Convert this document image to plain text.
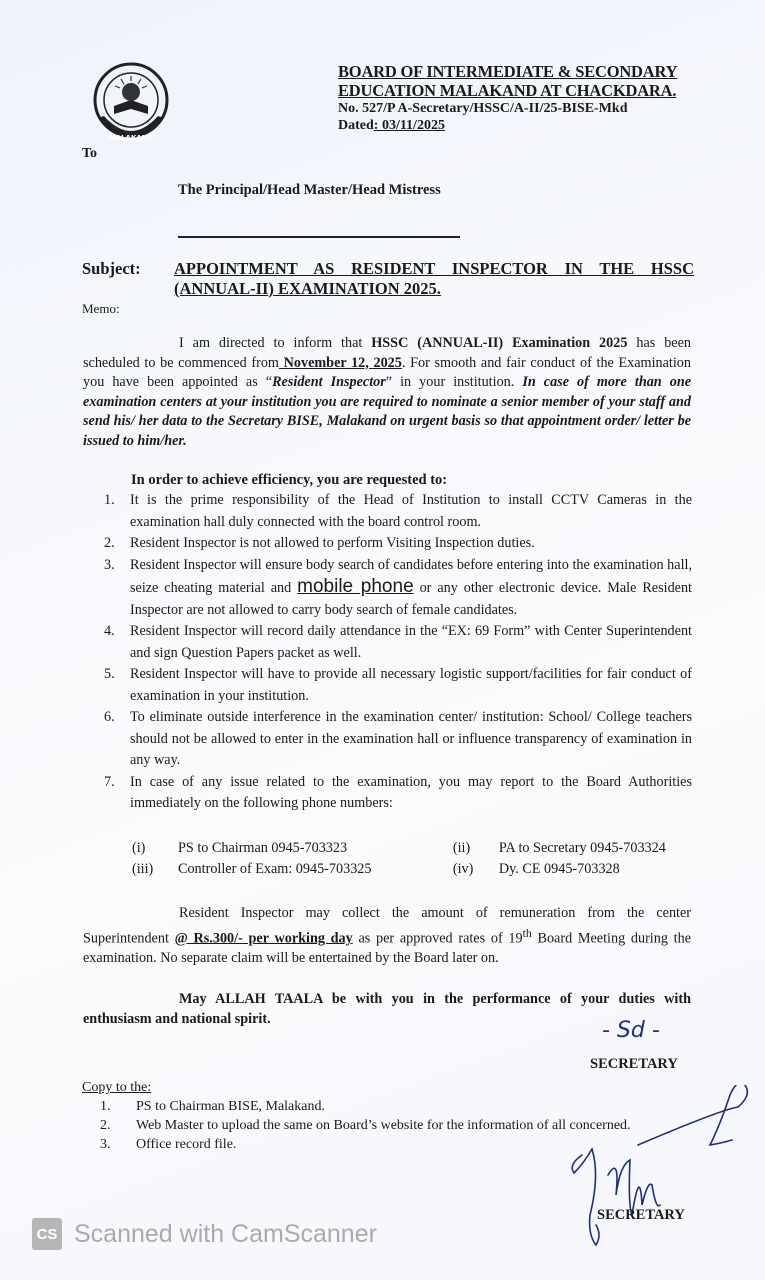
MALAKAND
BOARD OF INTERMEDIATE & SECONDARY
EDUCATION MALAKAND AT CHACKDARA.
No. 527/P A-Secretary/HSSC/A-II/25-BISE-Mkd
Dated: 03/11/2025
To
The Principal/Head Master/Head Mistress
Subject: APPOINTMENT AS RESIDENT INSPECTOR IN THE HSSC (ANNUAL-II) EXAMINATION 2025.
Memo:
I am directed to inform that HSSC (ANNUAL-II) Examination 2025 has been scheduled to be commenced from November 12, 2025. For smooth and fair conduct of the Examination you have been appointed as “Resident Inspector” in your institution. In case of more than one examination centers at your institution you are required to nominate a senior member of your staff and send his/ her data to the Secretary BISE, Malakand on urgent basis so that appointment order/ letter be issued to him/her.
In order to achieve efficiency, you are requested to:
1.	It is the prime responsibility of the Head of Institution to install CCTV Cameras in the examination hall duly connected with the board control room.
2.	Resident Inspector is not allowed to perform Visiting Inspection duties.
3.	Resident Inspector will ensure body search of candidates before entering into the examination hall, seize cheating material and mobile phone or any other electronic device. Male Resident Inspector are not allowed to carry body search of female candidates.
4.	Resident Inspector will record daily attendance in the “EX: 69 Form” with Center Superintendent and sign Question Papers packet as well.
5.	Resident Inspector will have to provide all necessary logistic support/facilities for fair conduct of examination in your institution.
6.	To eliminate outside interference in the examination center/ institution: School/ College teachers should not be allowed to enter in the examination hall or influence transparency of examination in any way.
7.	In case of any issue related to the examination, you may report to the Board Authorities immediately on the following phone numbers:
(i)	PS to Chairman 0945-703323	(ii)	PA to Secretary 0945-703324
(iii)	Controller of Exam: 0945-703325	(iv)	Dy. CE 0945-703328
Resident Inspector may collect the amount of remuneration from the center Superintendent @ Rs.300/- per working day as per approved rates of 19th Board Meeting during the examination. No separate claim will be entertained by the Board later on.
May ALLAH TAALA be with you in the performance of your duties with enthusiasm and national spirit.	- Sd -
SECRETARY
Copy to the:
1.	PS to Chairman BISE, Malakand.
2.	Web Master to upload the same on Board’s website for the information of all concerned.
3.	Office record file.
SECRETARY
CS Scanned with CamScanner
